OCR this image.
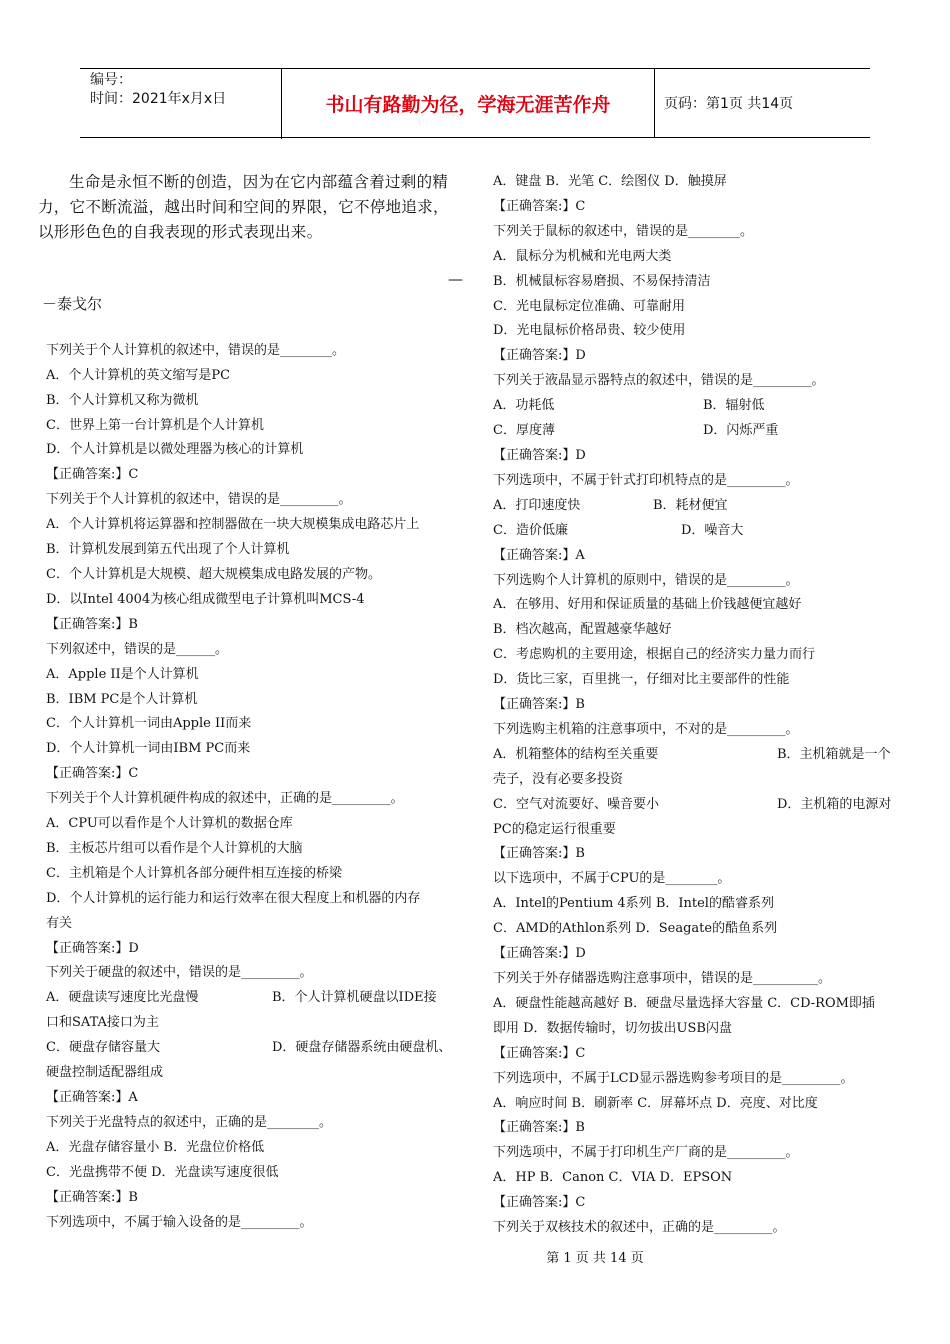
编号：
时间：2021年x月x日	书山有路勤为径，学海无涯苦作舟	页码：第1页 共14页
生命是永恒不断的创造，因为在它内部蕴含着过剩的精力，它不断流溢，越出时间和空间的界限，它不停地追求，以形形色色的自我表现的形式表现出来。
—
－泰戈尔
下列关于个人计算机的叙述中，错误的是________。
A．个人计算机的英文缩写是PC
B．个人计算机又称为微机
C．世界上第一台计算机是个人计算机
D．个人计算机是以微处理器为核心的计算机
【正确答案:】C
下列关于个人计算机的叙述中，错误的是_________。
A．个人计算机将运算器和控制器做在一块大规模集成电路芯片上
B．计算机发展到第五代出现了个人计算机
C．个人计算机是大规模、超大规模集成电路发展的产物。
D．以Intel 4004为核心组成微型电子计算机叫MCS-4
【正确答案:】B
下列叙述中，错误的是______。
A．Apple II是个人计算机
B．IBM PC是个人计算机
C．个人计算机一词由Apple II而来
D．个人计算机一词由IBM PC而来
【正确答案:】C
下列关于个人计算机硬件构成的叙述中，正确的是_________。
A．CPU可以看作是个人计算机的数据仓库
B．主板芯片组可以看作是个人计算机的大脑
C．主机箱是个人计算机各部分硬件相互连接的桥梁
D．个人计算机的运行能力和运行效率在很大程度上和机器的内存
有关
【正确答案:】D
下列关于硬盘的叙述中，错误的是_________。
A．硬盘读写速度比光盘慢	B．个人计算机硬盘以IDE接
口和SATA接口为主
C．硬盘存储容量大	D．硬盘存储器系统由硬盘机、
硬盘控制适配器组成
【正确答案:】A
下列关于光盘特点的叙述中，正确的是________。
A．光盘存储容量小 B．光盘位价格低
C．光盘携带不便 D．光盘读写速度很低
【正确答案:】B
下列选项中，不属于输入设备的是_________。
A．键盘 B．光笔 C．绘图仪 D．触摸屏
【正确答案:】C
下列关于鼠标的叙述中，错误的是________。
A．鼠标分为机械和光电两大类
B．机械鼠标容易磨损、不易保持清洁
C．光电鼠标定位准确、可靠耐用
D．光电鼠标价格昂贵、较少使用
【正确答案:】D
下列关于液晶显示器特点的叙述中，错误的是_________。
A．功耗低	B．辐射低
C．厚度薄	D．闪烁严重
【正确答案:】D
下列选项中，不属于针式打印机特点的是_________。
A．打印速度快	B．耗材便宜
C．造价低廉	D．噪音大
【正确答案:】A
下列选购个人计算机的原则中，错误的是_________。
A．在够用、好用和保证质量的基础上价钱越便宜越好
B．档次越高，配置越豪华越好
C．考虑购机的主要用途，根据自己的经济实力量力而行
D．货比三家，百里挑一，仔细对比主要部件的性能
【正确答案:】B
下列选购主机箱的注意事项中，不对的是_________。
A．机箱整体的结构至关重要	B．主机箱就是一个
壳子，没有必要多投资
C．空气对流要好、噪音要小	D．主机箱的电源对
PC的稳定运行很重要
【正确答案:】B
以下选项中，不属于CPU的是________。
A．Intel的Pentium 4系列 B．Intel的酷睿系列
C．AMD的Athlon系列 D．Seagate的酷鱼系列
【正确答案:】D
下列关于外存储器选购注意事项中，错误的是__________。
A．硬盘性能越高越好 B．硬盘尽量选择大容量 C．CD-ROM即插
即用 D．数据传输时，切勿拔出USB闪盘
【正确答案:】C
下列选项中，不属于LCD显示器选购参考项目的是_________。
A．响应时间 B．刷新率 C．屏幕坏点 D．亮度、对比度
【正确答案:】B
下列选项中，不属于打印机生产厂商的是_________。
A．HP B．Canon C．VIA D．EPSON
【正确答案:】C
下列关于双核技术的叙述中，正确的是_________。
第 1 页 共 14 页
